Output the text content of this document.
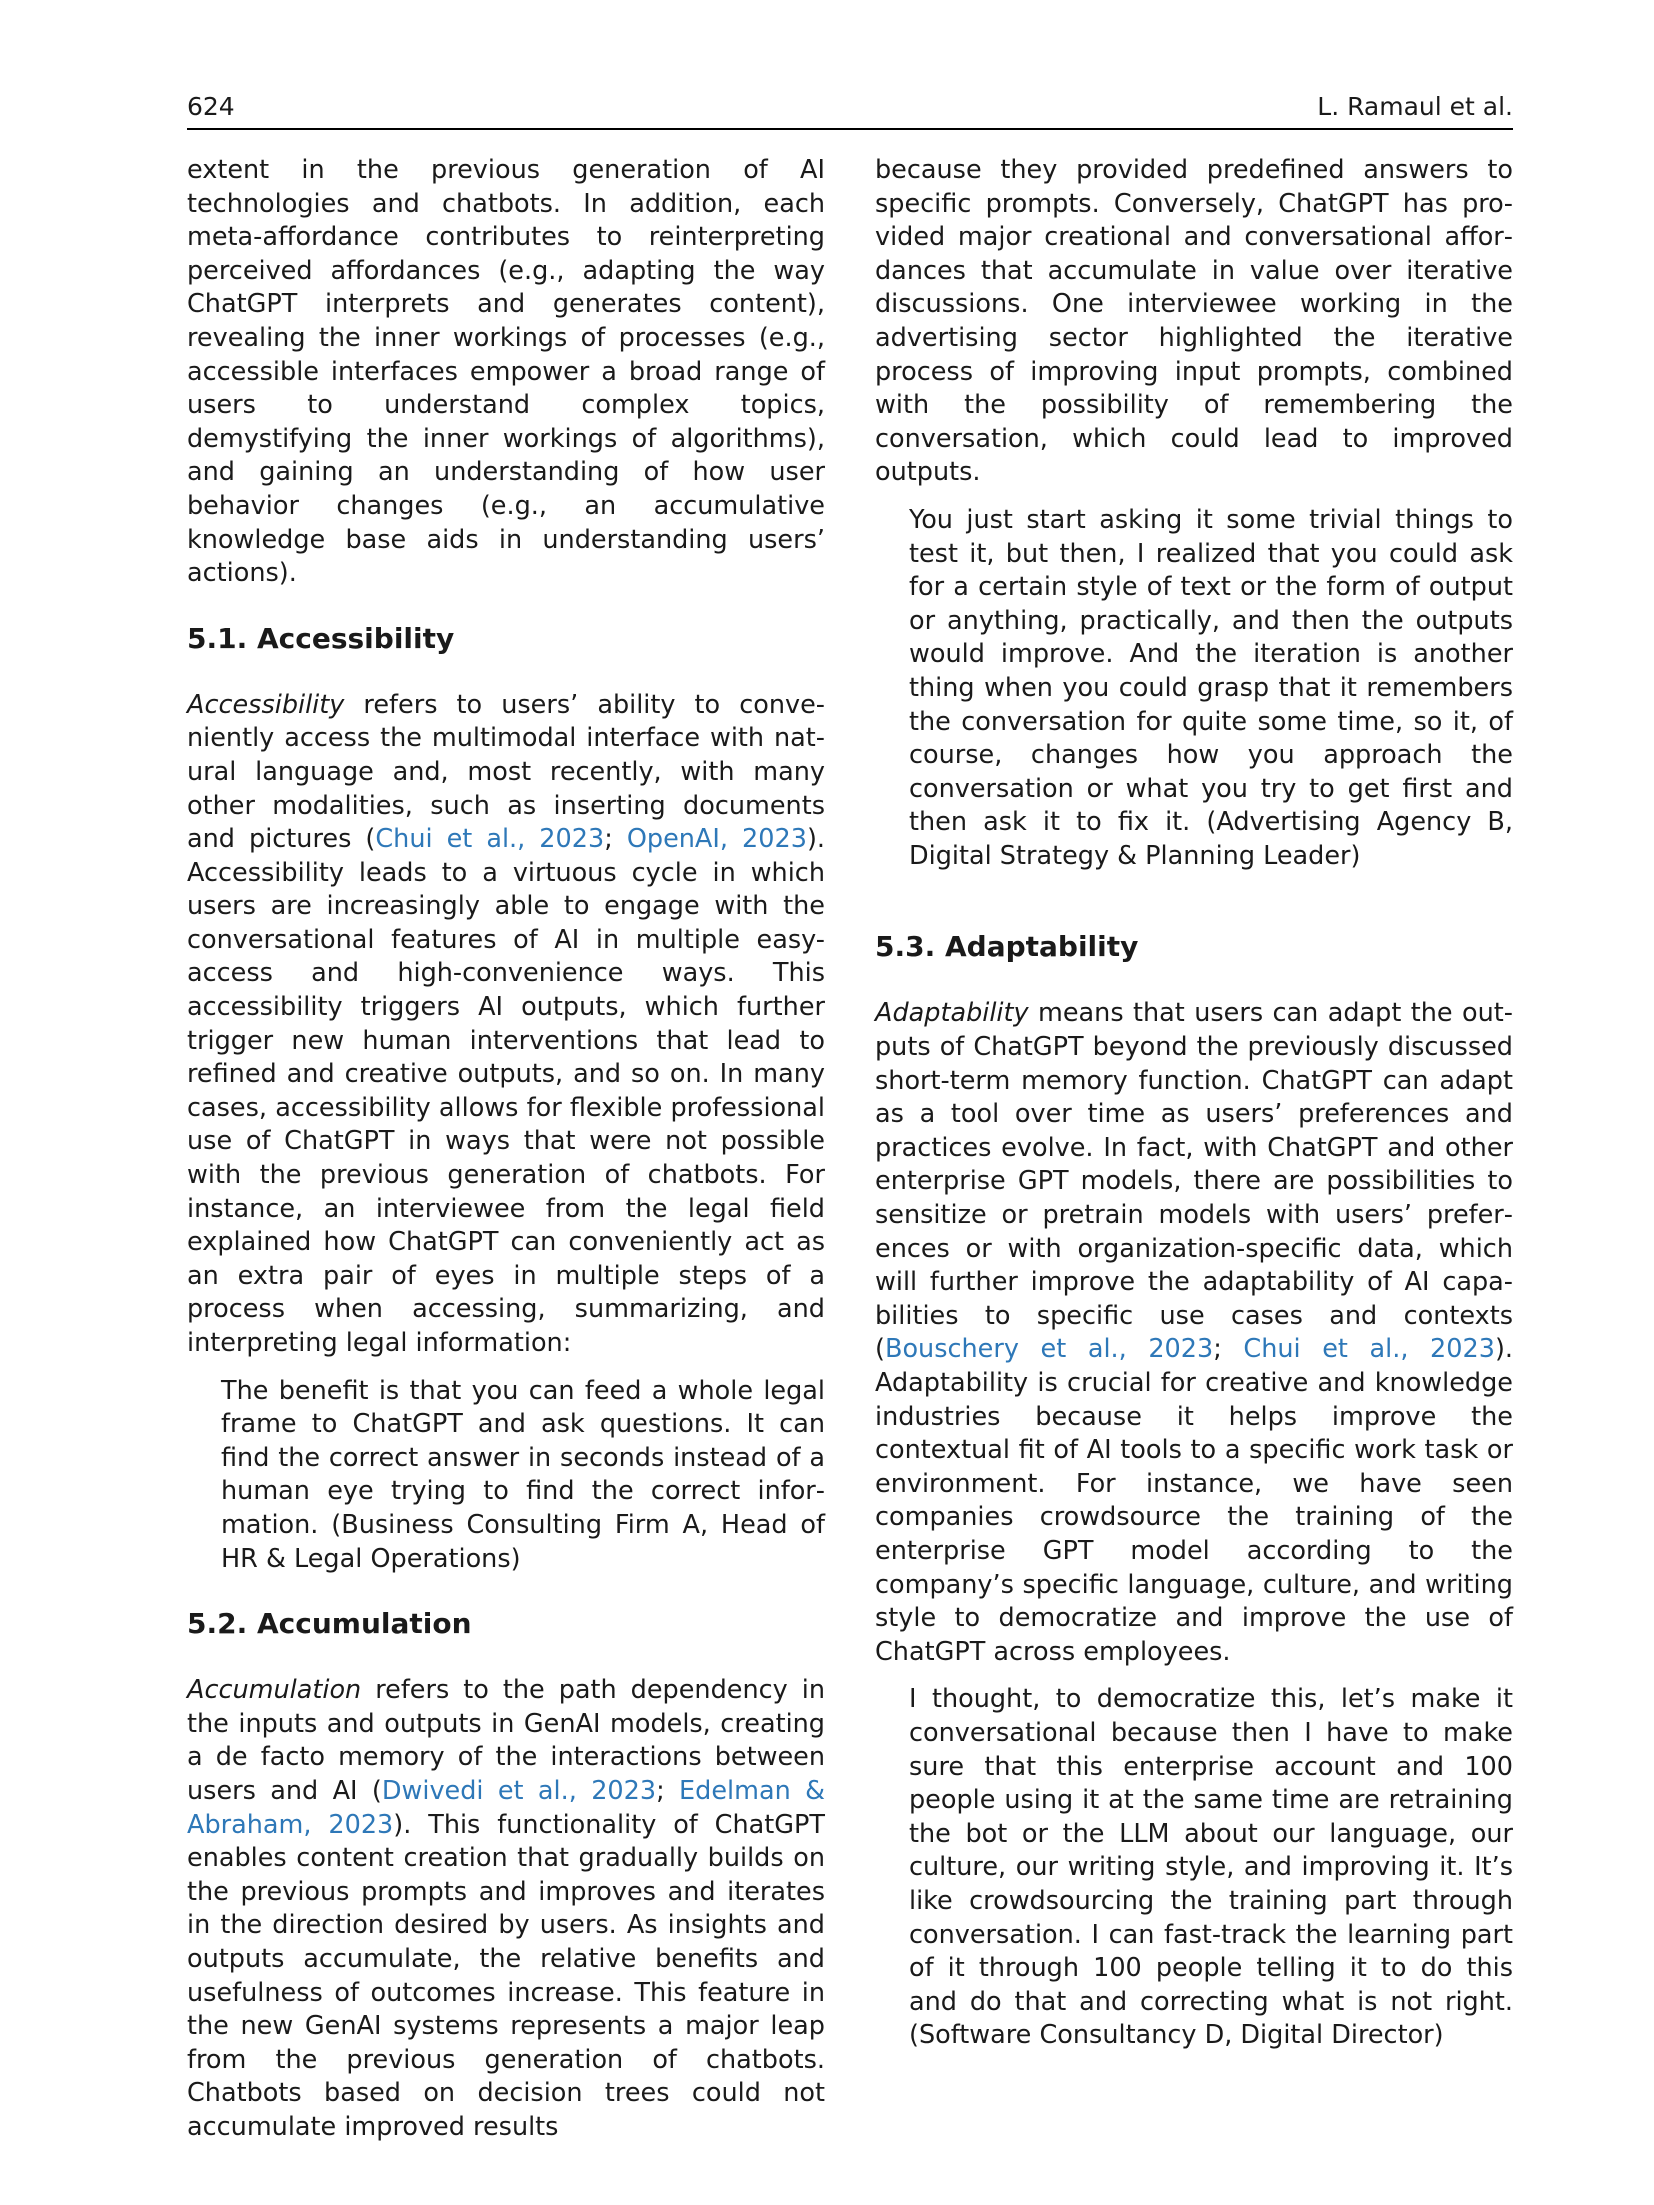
624	L. Ramaul et al.

extent in the previous generation of AI technologies and chatbots. In addition, each meta-affordance contributes to reinterpreting perceived affordances (e.g., adapting the way ChatGPT interprets and generates content), revealing the inner workings of processes (e.g., accessible interfaces empower a broad range of users to understand complex topics, demystifying the inner workings of algorithms), and gaining an understanding of how user behavior changes (e.g., an accumulative knowledge base aids in understanding users’ actions).

5.1. Accessibility

Accessibility refers to users’ ability to conveniently access the multimodal interface with natural language and, most recently, with many other modalities, such as inserting documents and pictures (Chui et al., 2023; OpenAI, 2023). Accessibility leads to a virtuous cycle in which users are increasingly able to engage with the conversational features of AI in multiple easy-access and high-convenience ways. This accessibility triggers AI outputs, which further trigger new human interventions that lead to refined and creative outputs, and so on. In many cases, accessibility allows for flexible professional use of ChatGPT in ways that were not possible with the previous generation of chatbots. For instance, an interviewee from the legal field explained how ChatGPT can conveniently act as an extra pair of eyes in multiple steps of a process when accessing, summarizing, and interpreting legal information:

The benefit is that you can feed a whole legal frame to ChatGPT and ask questions. It can find the correct answer in seconds instead of a human eye trying to find the correct information. (Business Consulting Firm A, Head of HR & Legal Operations)

5.2. Accumulation

Accumulation refers to the path dependency in the inputs and outputs in GenAI models, creating a de facto memory of the interactions between users and AI (Dwivedi et al., 2023; Edelman & Abraham, 2023). This functionality of ChatGPT enables content creation that gradually builds on the previous prompts and improves and iterates in the direction desired by users. As insights and outputs accumulate, the relative benefits and usefulness of outcomes increase. This feature in the new GenAI systems represents a major leap from the previous generation of chatbots. Chatbots based on decision trees could not accumulate improved results

because they provided predefined answers to specific prompts. Conversely, ChatGPT has provided major creational and conversational affordances that accumulate in value over iterative discussions. One interviewee working in the advertising sector highlighted the iterative process of improving input prompts, combined with the possibility of remembering the conversation, which could lead to improved outputs.

You just start asking it some trivial things to test it, but then, I realized that you could ask for a certain style of text or the form of output or anything, practically, and then the outputs would improve. And the iteration is another thing when you could grasp that it remembers the conversation for quite some time, so it, of course, changes how you approach the conversation or what you try to get first and then ask it to fix it. (Advertising Agency B, Digital Strategy & Planning Leader)

5.3. Adaptability

Adaptability means that users can adapt the outputs of ChatGPT beyond the previously discussed short-term memory function. ChatGPT can adapt as a tool over time as users’ preferences and practices evolve. In fact, with ChatGPT and other enterprise GPT models, there are possibilities to sensitize or pretrain models with users’ preferences or with organization-specific data, which will further improve the adaptability of AI capabilities to specific use cases and contexts (Bouschery et al., 2023; Chui et al., 2023). Adaptability is crucial for creative and knowledge industries because it helps improve the contextual fit of AI tools to a specific work task or environment. For instance, we have seen companies crowdsource the training of the enterprise GPT model according to the company’s specific language, culture, and writing style to democratize and improve the use of ChatGPT across employees.

I thought, to democratize this, let’s make it conversational because then I have to make sure that this enterprise account and 100 people using it at the same time are retraining the bot or the LLM about our language, our culture, our writing style, and improving it. It’s like crowdsourcing the training part through conversation. I can fast-track the learning part of it through 100 people telling it to do this and do that and correcting what is not right. (Software Consultancy D, Digital Director)
